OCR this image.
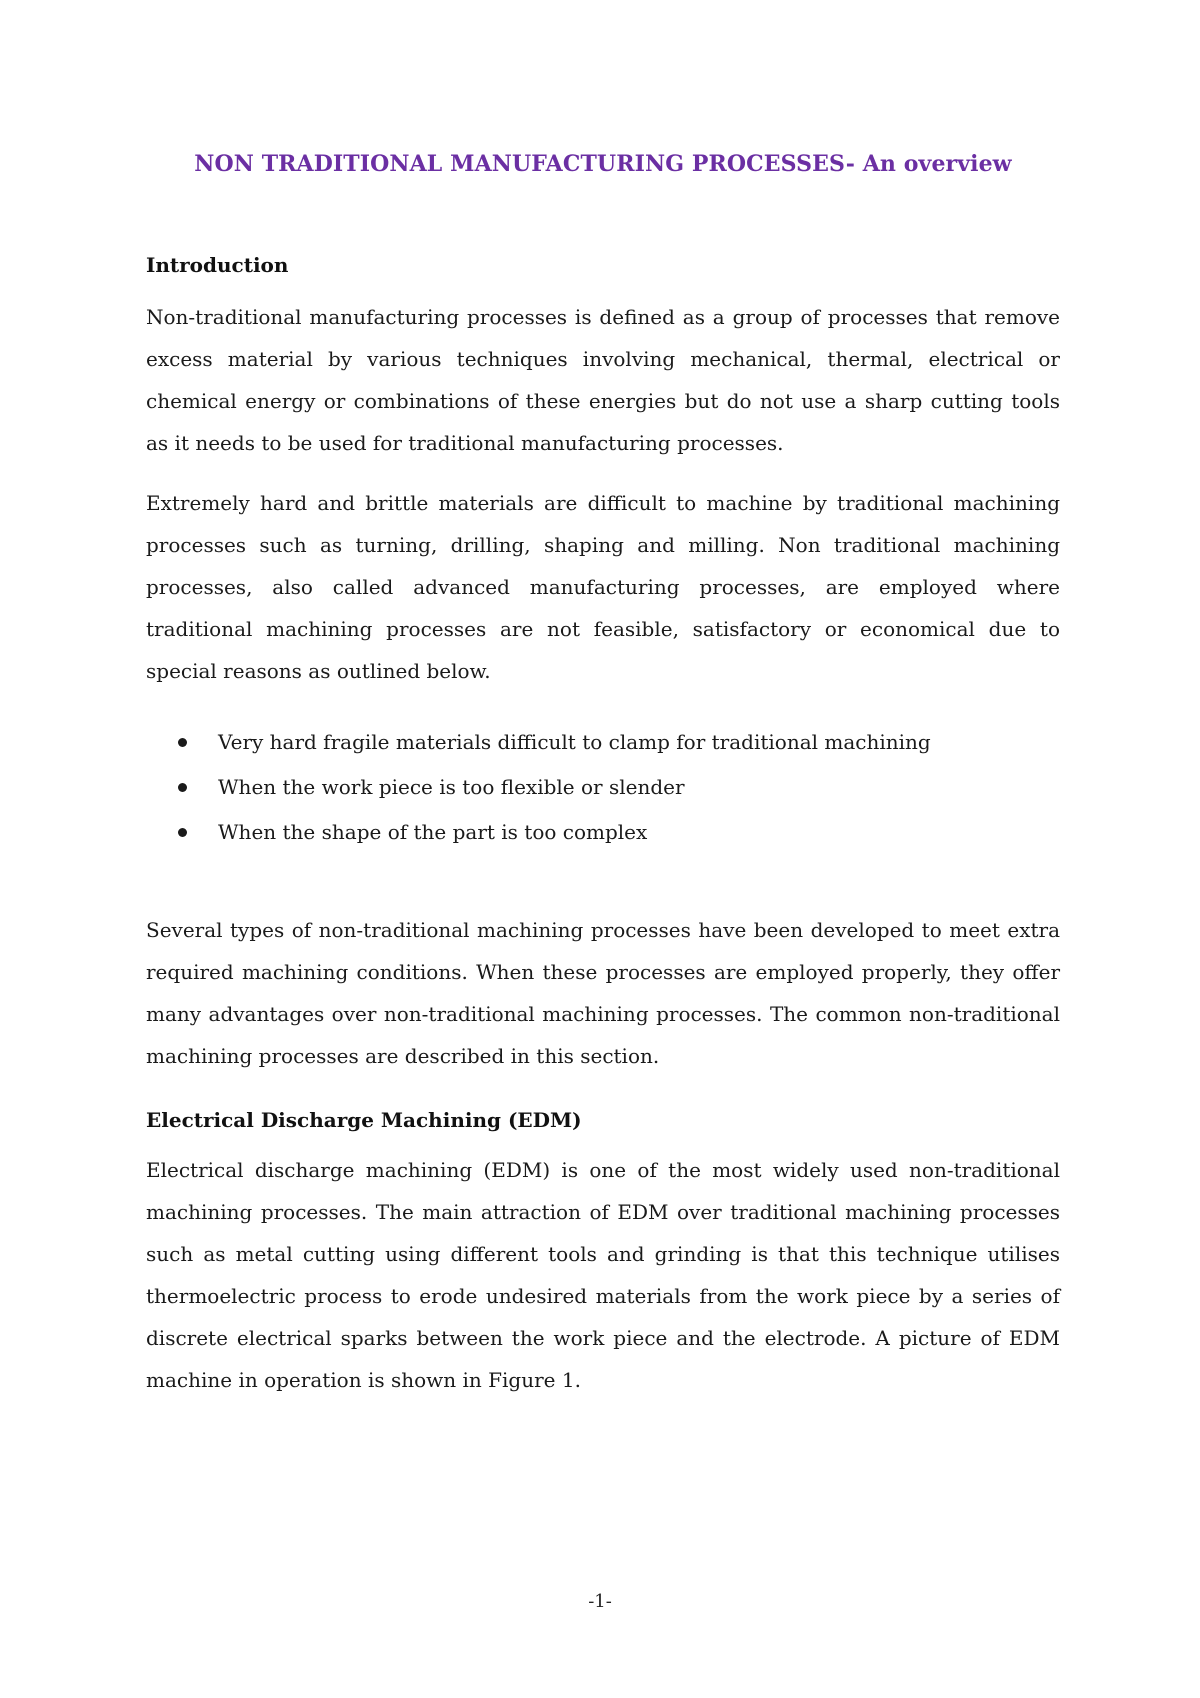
NON TRADITIONAL MANUFACTURING PROCESSES- An overview
Introduction

Non-traditional manufacturing processes is defined as a group of processes that remove excess material by various techniques involving mechanical, thermal, electrical or chemical energy or combinations of these energies but do not use a sharp cutting tools as it needs to be used for traditional manufacturing processes.

Extremely hard and brittle materials are difficult to machine by traditional machining processes such as turning, drilling, shaping and milling. Non traditional machining processes, also called advanced manufacturing processes, are employed where traditional machining processes are not feasible, satisfactory or economical due to special reasons as outlined below.

Very hard fragile materials difficult to clamp for traditional machining
When the work piece is too flexible or slender
When the shape of the part is too complex

Several types of non-traditional machining processes have been developed to meet extra required machining conditions. When these processes are employed properly, they offer many advantages over non-traditional machining processes. The common non-traditional machining processes are described in this section.

Electrical Discharge Machining (EDM)

Electrical discharge machining (EDM) is one of the most widely used non-traditional machining processes. The main attraction of EDM over traditional machining processes such as metal cutting using different tools and grinding is that this technique utilises thermoelectric process to erode undesired materials from the work piece by a series of discrete electrical sparks between the work piece and the electrode. A picture of EDM machine in operation is shown in Figure 1.

-1-
